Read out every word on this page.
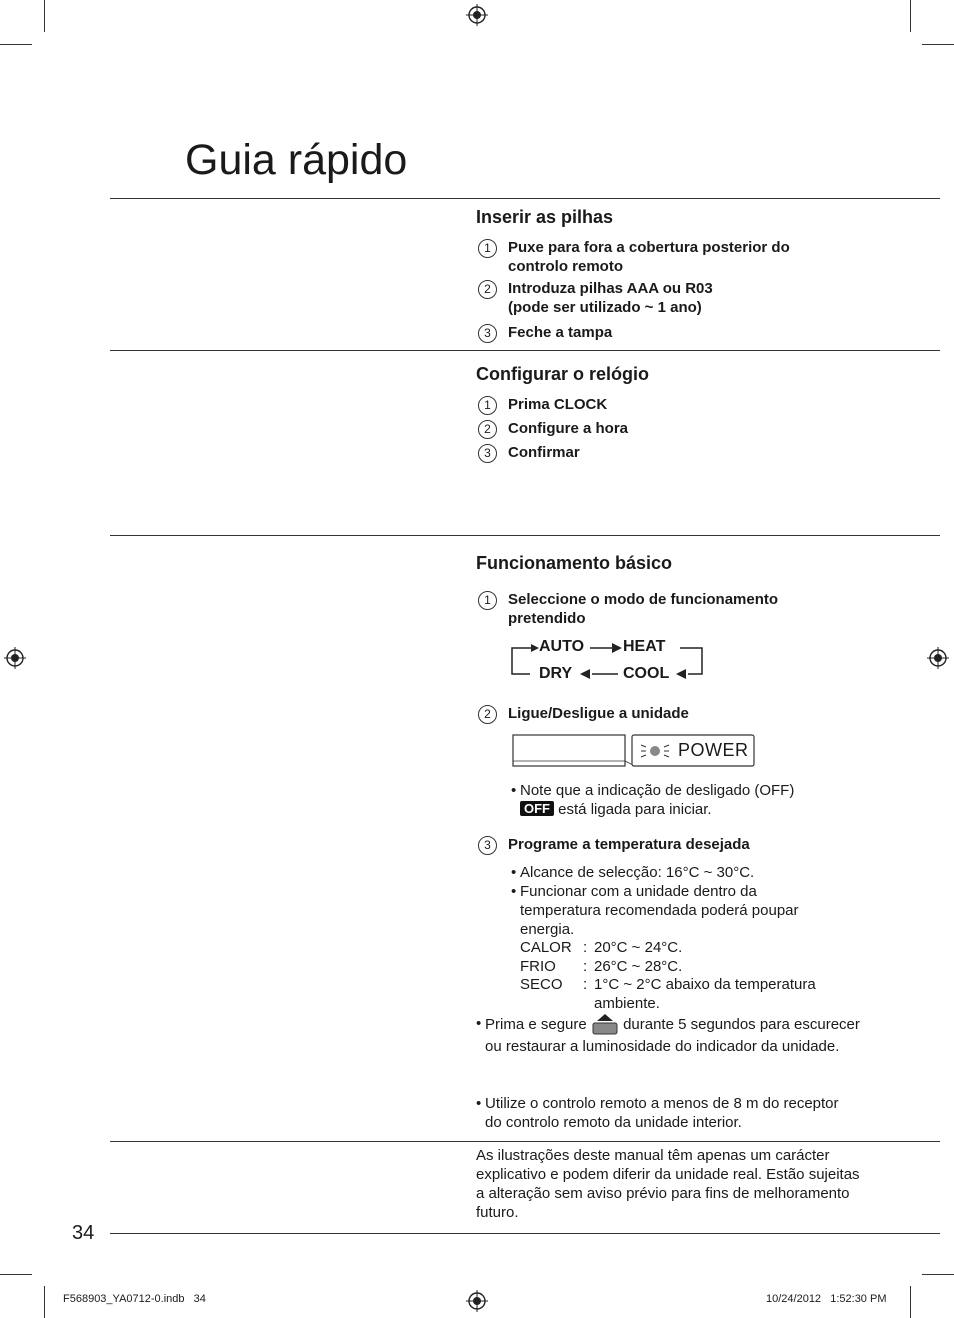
Guia rápido
Inserir as pilhas
1	Puxe para fora a cobertura posterior do controlo remoto
2	Introduza pilhas AAA ou R03 (pode ser utilizado ~ 1 ano)
3	Feche a tampa
Configurar o relógio
1	Prima CLOCK
2	Configure a hora
3	Confirmar
Funcionamento básico
1	Seleccione o modo de funcionamento pretendido
AUTO HEAT
DRY	COOL
2	Ligue/Desligue a unidade
POWER
• Note que a indicação de desligado (OFF)
OFF está ligada para iniciar.
3	Programe a temperatura desejada
• Alcance de selecção: 16°C ~ 30°C.
• Funcionar com a unidade dentro da temperatura recomendada poderá poupar energia.
CALOR : 20°C ~ 24°C.
FRIO : 26°C ~ 28°C.
SECO : 1°C ~ 2°C abaixo da temperatura ambiente.
• Prima e segure durante 5 segundos para escurecer ou restaurar a luminosidade do indicador da unidade.
• Utilize o controlo remoto a menos de 8 m do receptor do controlo remoto da unidade interior.
As ilustrações deste manual têm apenas um carácter explicativo e podem diferir da unidade real. Estão sujeitas a alteração sem aviso prévio para fins de melhoramento futuro.
34
F568903_YA0712-0.indb   34	10/24/2012   1:52:30 PM
